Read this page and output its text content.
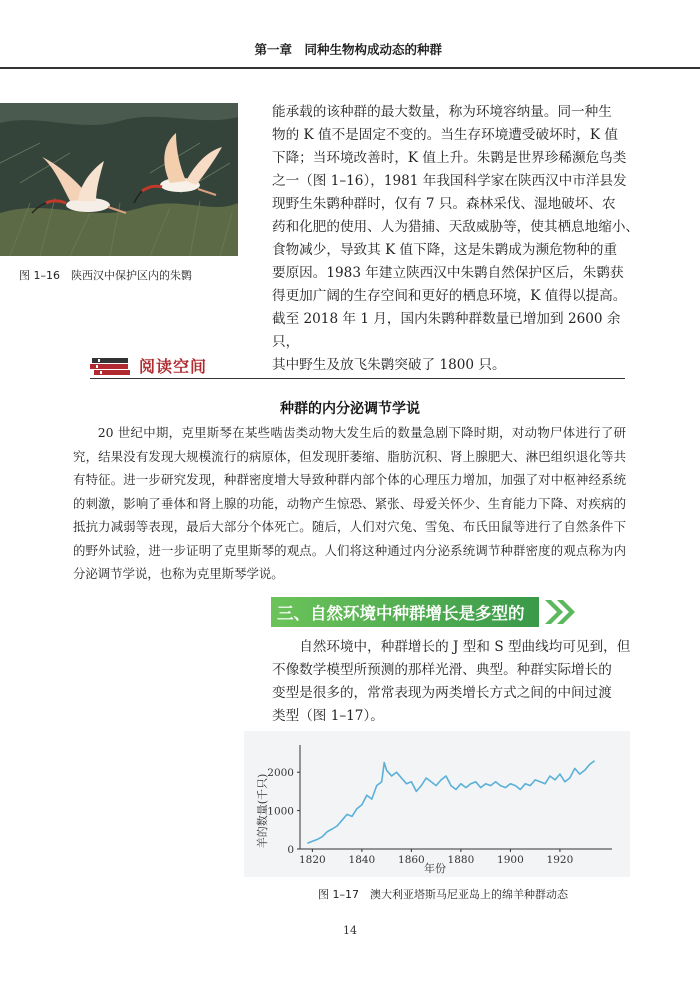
第一章　同种生物构成动态的种群
图 1–16　陕西汉中保护区内的朱鹮

能承载的该种群的最大数量，称为环境容纳量。同一种生

物的 K 值不是固定不变的。当生存环境遭受破坏时，K 值

下降；当环境改善时，K 值上升。朱鹮是世界珍稀濒危鸟类

之一（图 1–16），1981 年我国科学家在陕西汉中市洋县发

现野生朱鹮种群时，仅有 7 只。森林采伐、湿地破坏、农

药和化肥的使用、人为猎捕、天敌威胁等，使其栖息地缩小、

食物减少，导致其 K 值下降，这是朱鹮成为濒危物种的重

要原因。1983 年建立陕西汉中朱鹮自然保护区后，朱鹮获

得更加广阔的生存空间和更好的栖息环境，K 值得以提高。

截至 2018 年 1 月，国内朱鹮种群数量已增加到 2600 余只，

其中野生及放飞朱鹮突破了 1800 只。

阅读空间
种群的内分泌调节学说

20 世纪中期，克里斯琴在某些啮齿类动物大发生后的数量急剧下降时期，对动物尸体进行了研究，结果没有发现大规模流行的病原体，但发现肝萎缩、脂肪沉积、肾上腺肥大、淋巴组织退化等共有特征。进一步研究发现，种群密度增大导致种群内部个体的心理压力增加，加强了对中枢神经系统的刺激，影响了垂体和肾上腺的功能，动物产生惊恐、紧张、母爱关怀少、生育能力下降、对疾病的抵抗力减弱等表现，最后大部分个体死亡。随后，人们对穴兔、雪兔、布氏田鼠等进行了自然条件下的野外试验，进一步证明了克里斯琴的观点。人们将这种通过内分泌系统调节种群密度的观点称为内分泌调节学说，也称为克里斯琴学说。

三、自然环境中种群增长是多型的

自然环境中，种群增长的 J 型和 S 型曲线均可见到，但

不像数学模型所预测的那样光滑、典型。种群实际增长的

变型是很多的，常常表现为两类增长方式之间的中间过渡

类型（图 1–17）。

1820 1840 1860 1880 1900 1920
0
1000
2000
羊的数量(千只)
年份
图 1–17　澳大利亚塔斯马尼亚岛上的绵羊种群动态
14
